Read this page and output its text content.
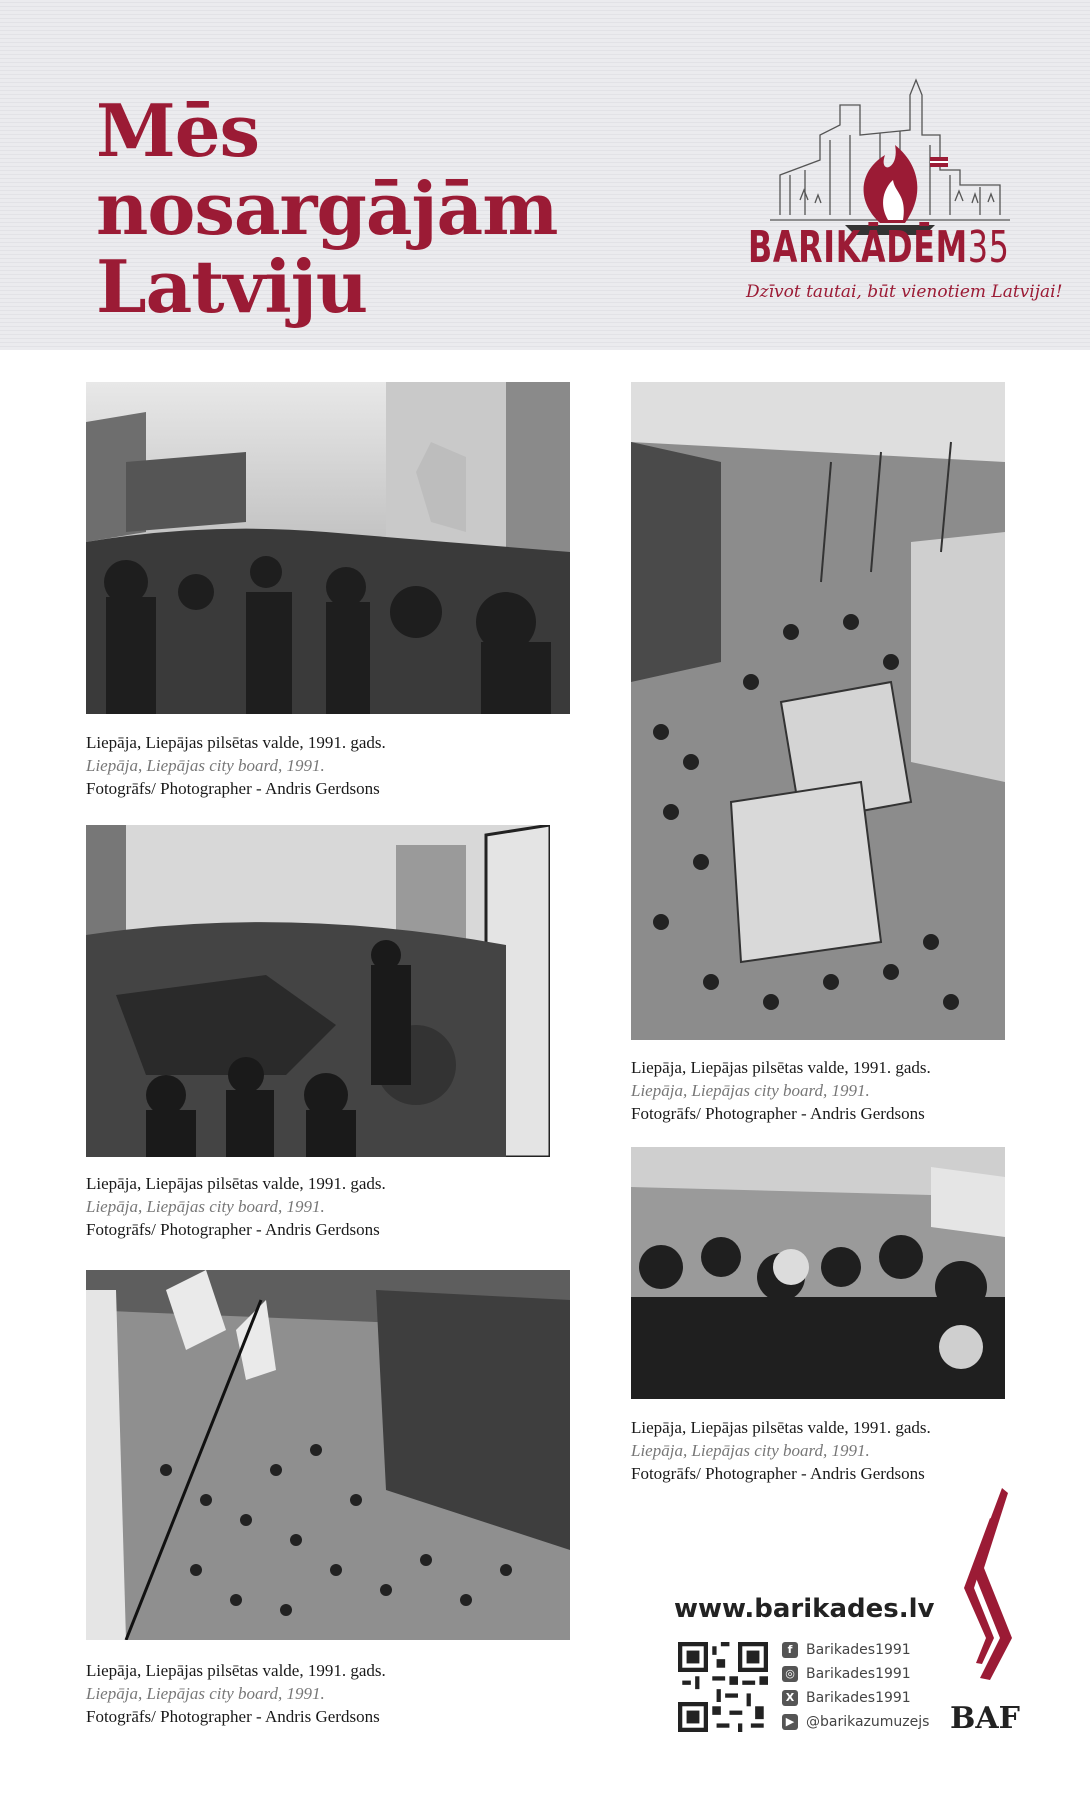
Mēs
nosargājām
Latviju	BARIKĀDĒM35
Dzīvot tautai, būt vienotiem Latvijai!
Liepāja, Liepājas pilsētas valde, 1991. gads.
Liepāja, Liepājas city board, 1991.
Fotogrāfs/ Photographer - Andris Gerdsons
Liepāja, Liepājas pilsētas valde, 1991. gads.
Liepāja, Liepājas city board, 1991.
Fotogrāfs/ Photographer - Andris Gerdsons
Liepāja, Liepājas pilsētas valde, 1991. gads.
Liepāja, Liepājas city board, 1991.
Fotogrāfs/ Photographer - Andris Gerdsons
Liepāja, Liepājas pilsētas valde, 1991. gads.
Liepāja, Liepājas city board, 1991.
Fotogrāfs/ Photographer - Andris Gerdsons
Liepāja, Liepājas pilsētas valde, 1991. gads.
Liepāja, Liepājas city board, 1991.
Fotogrāfs/ Photographer - Andris Gerdsons
www.barikades.lv
f Barikades1991
◎ Barikades1991
X Barikades1991
▶ @barikazumuzejs BAF
